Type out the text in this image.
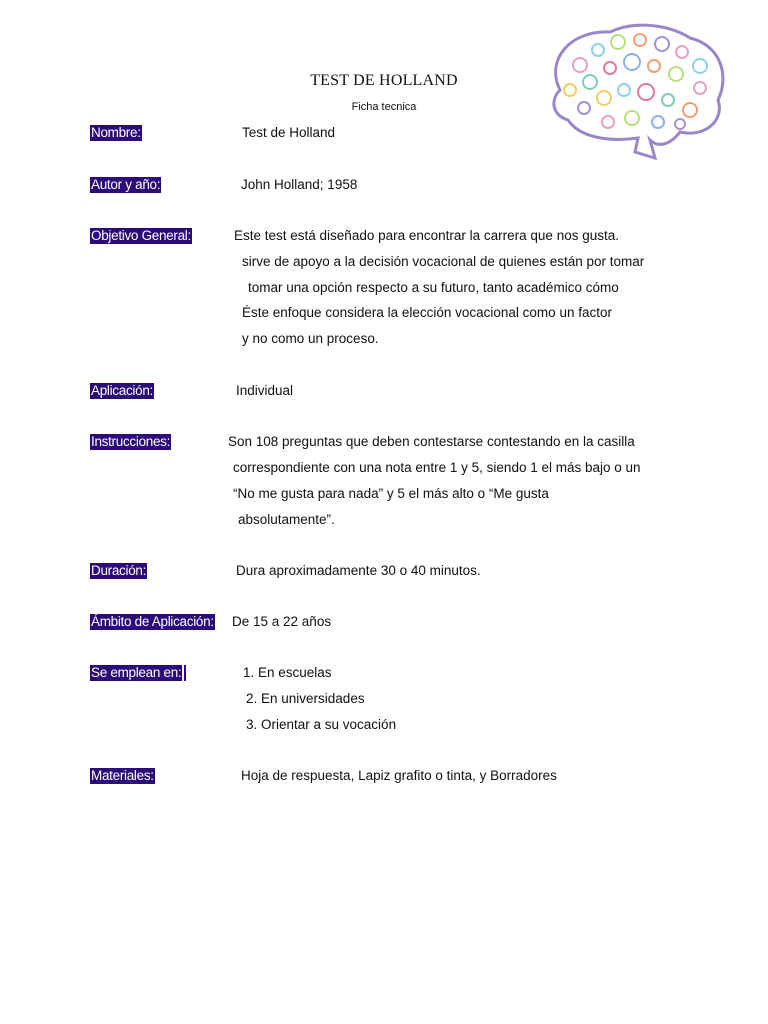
TEST DE HOLLAND
Ficha tecnica
Nombre:	Test de Holland
Autor y año:	John Holland; 1958
Objetivo General:	Este test está diseñado para encontrar la carrera que nos gusta.
sirve de apoyo a la decisión vocacional de quienes están por tomar
tomar una opción respecto a su futuro, tanto académico cómo
Éste enfoque considera la elección vocacional como un factor
y no como un proceso.
Aplicación:	Individual
Instrucciones:	Son 108 preguntas que deben contestarse contestando en la casilla
correspondiente con una nota entre 1 y 5, siendo 1 el más bajo o un
“No me gusta para nada” y 5 el más alto o “Me gusta
absolutamente”.
Duración:	Dura aproximadamente 30 o 40 minutos.
Ámbito de Aplicación: De 15 a 22 años
Se emplean en:	1. En escuelas
2. En universidades
3. Orientar a su vocación
Materiales:	Hoja de respuesta, Lapiz grafito o tinta, y Borradores
